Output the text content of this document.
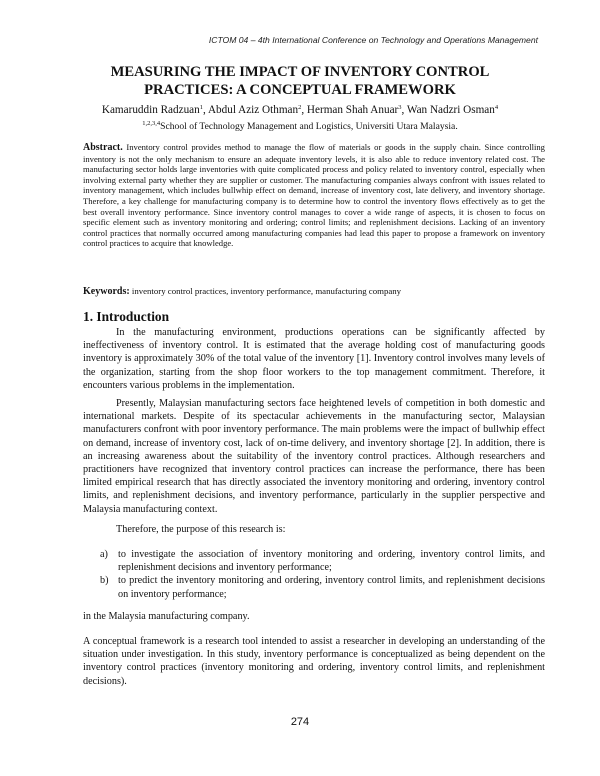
ICTOM 04 – 4th International Conference on Technology and Operations Management
MEASURING THE IMPACT OF INVENTORY CONTROL PRACTICES: A CONCEPTUAL FRAMEWORK
Kamaruddin Radzuan$^1$, Abdul Aziz Othman$^2$, Herman Shah Anuar$^3$, Wan Nadzri Osman$^4$
$^{1,2,3,4}$School of Technology Management and Logistics, Universiti Utara Malaysia.

Abstract. Inventory control provides method to manage the flow of materials or goods in the supply chain. Since controlling inventory is not the only mechanism to ensure an adequate inventory levels, it is also able to reduce inventory related cost. The manufacturing sector holds large inventories with quite complicated process and policy related to inventory control, especially when involving external party whether they are supplier or customer. The manufacturing companies always confront with issues related to inventory management, which includes bullwhip effect on demand, increase of inventory cost, late delivery, and inventory shortage. Therefore, a key challenge for manufacturing company is to determine how to control the inventory flows effectively as to get the best overall inventory performance. Since inventory control manages to cover a wide range of aspects, it is chosen to focus on specific element such as inventory monitoring and ordering; control limits; and replenishment decisions. Lacking of an inventory control practices that normally occurred among manufacturing companies had lead this paper to propose a framework on inventory control practices to acquire that knowledge.

Keywords: inventory control practices, inventory performance, manufacturing company

1. Introduction

In the manufacturing environment, productions operations can be significantly affected by ineffectiveness of inventory control. It is estimated that the average holding cost of manufacturing goods inventory is approximately 30% of the total value of the inventory [1]. Inventory control involves many levels of the organization, starting from the shop floor workers to the top management commitment. Therefore, it encounters various problems in the implementation.

Presently, Malaysian manufacturing sectors face heightened levels of competition in both domestic and international markets. Despite of its spectacular achievements in the manufacturing sector, Malaysian manufacturers confront with poor inventory performance. The main problems were the impact of bullwhip effect on demand, increase of inventory cost, lack of on-time delivery, and inventory shortage [2]. In addition, there is an increasing awareness about the suitability of the inventory control practices. Although researchers and practitioners have recognized that inventory control practices can increase the performance, there has been limited empirical research that has directly associated the inventory monitoring and ordering, inventory control limits, and replenishment decisions, and inventory performance, particularly in the supplier perspective and Malaysia manufacturing context.

Therefore, the purpose of this research is:

a) to investigate the association of inventory monitoring and ordering, inventory control limits, and replenishment decisions and inventory performance;
b) to predict the inventory monitoring and ordering, inventory control limits, and replenishment decisions on inventory performance;

in the Malaysia manufacturing company.

A conceptual framework is a research tool intended to assist a researcher in developing an understanding of the situation under investigation. In this study, inventory performance is conceptualized as being dependent on the inventory control practices (inventory monitoring and ordering, inventory control limits, and replenishment decisions).

274
